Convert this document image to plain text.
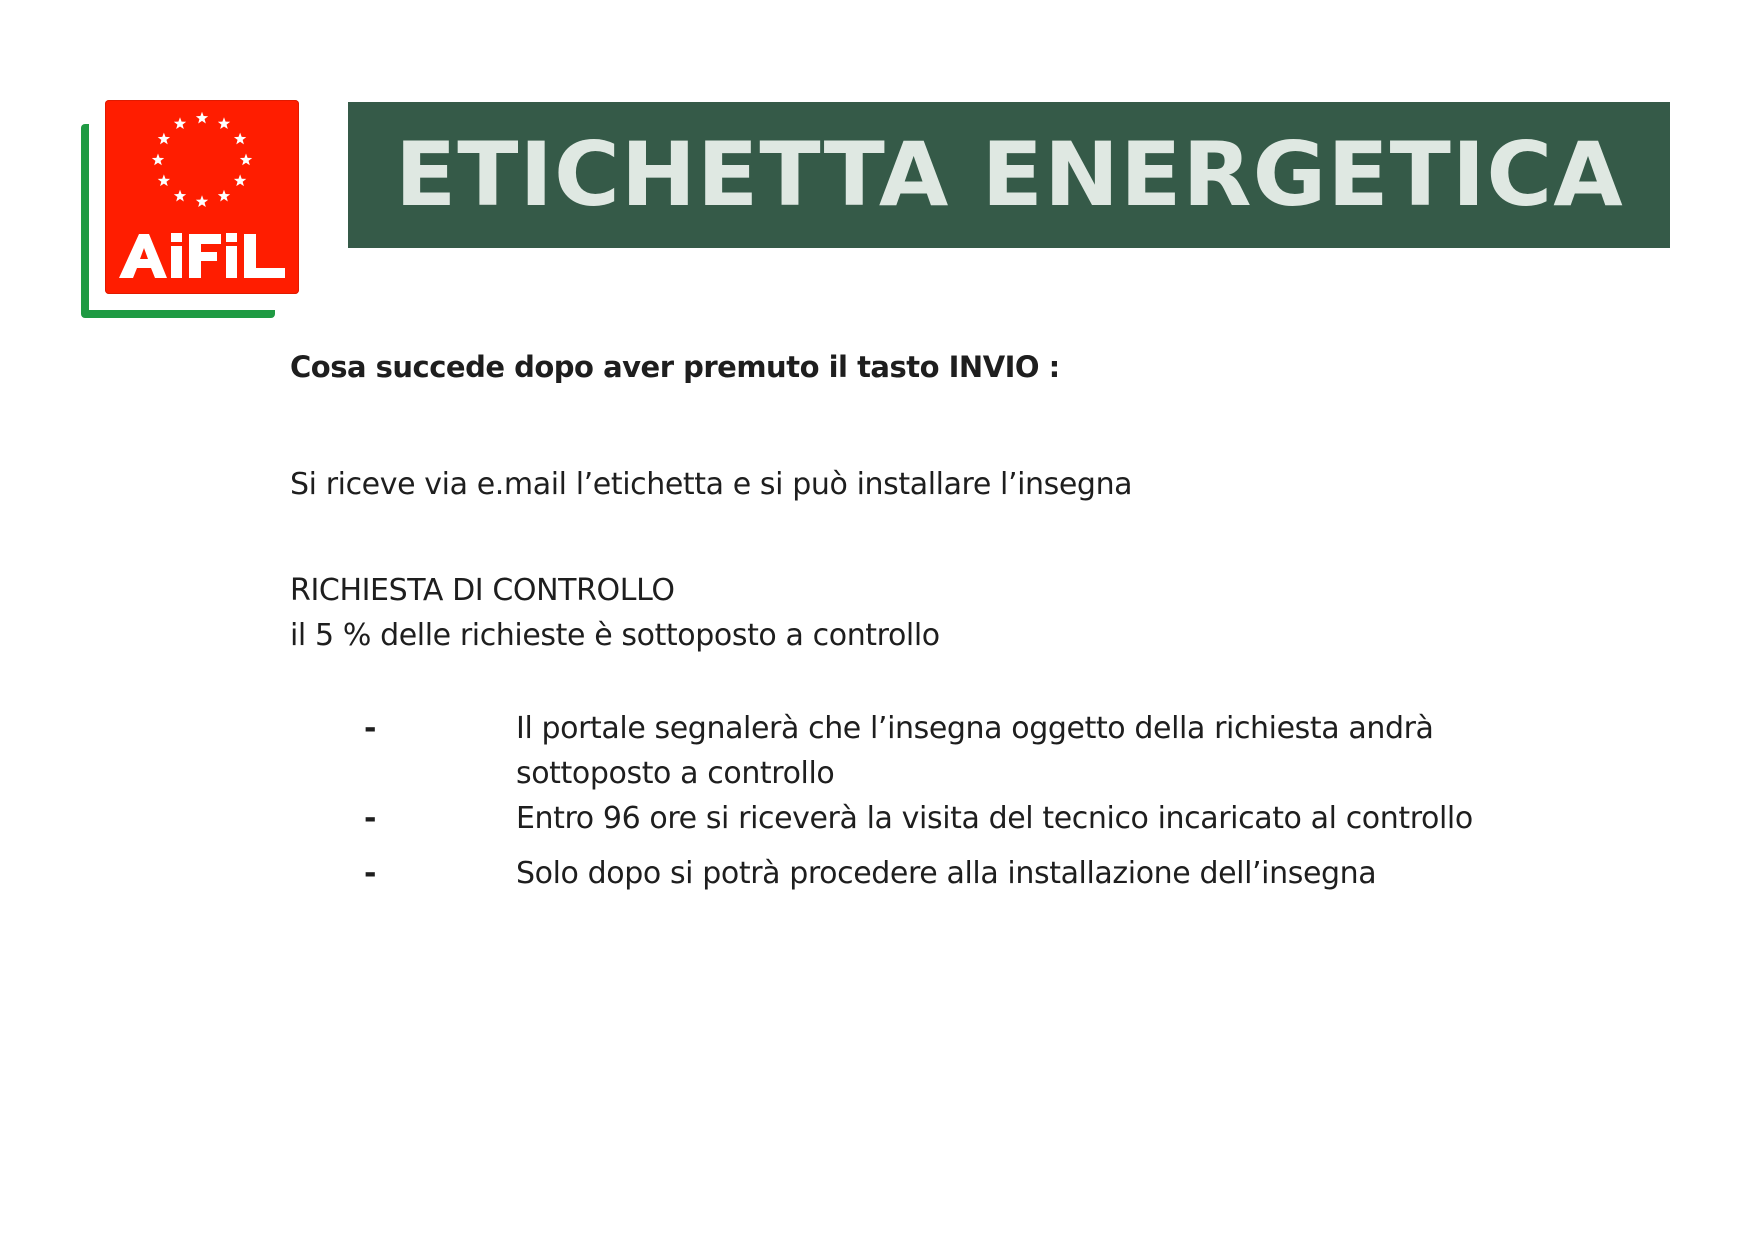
ETICHETTA ENERGETICA
Cosa succede dopo aver premuto il tasto INVIO :
Si riceve via e.mail l’etichetta e si può installare l’insegna
RICHIESTA DI CONTROLLO
il 5 % delle richieste è sottoposto a controllo
-	Il portale segnalerà che l’insegna oggetto della richiesta andrà sottoposto a controllo
-	Entro 96 ore si riceverà la visita del tecnico incaricato al controllo
-	Solo dopo si potrà procedere alla installazione dell’insegna
